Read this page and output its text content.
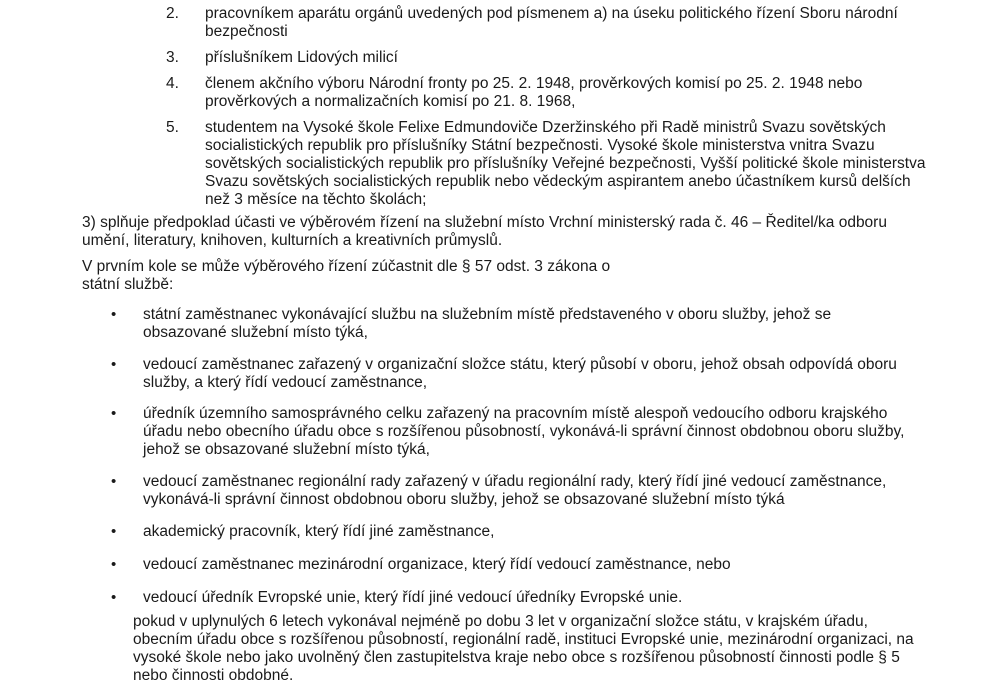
2.	pracovníkem aparátu orgánů uvedených pod písmenem a) na úseku politického řízení Sboru národní bezpečnosti
3.	příslušníkem Lidových milicí
4.	členem akčního výboru Národní fronty po 25. 2. 1948, prověrkových komisí po 25. 2. 1948 nebo prověrkových a normalizačních komisí po 21. 8. 1968,
5.	studentem na Vysoké škole Felixe Edmundoviče Dzeržinského při Radě ministrů Svazu sovětských socialistických republik pro příslušníky Státní bezpečnosti. Vysoké škole ministerstva vnitra Svazu sovětských socialistických republik pro příslušníky Veřejné bezpečnosti, Vyšší politické škole ministerstva Svazu sovětských socialistických republik nebo vědeckým aspirantem anebo účastníkem kursů delších než 3 měsíce na těchto školách;
3) splňuje předpoklad účasti ve výběrovém řízení na služební místo Vrchní ministerský rada č. 46 – Ředitel/ka odboru umění, literatury, knihoven, kulturních a kreativních průmyslů.
V prvním kole se může výběrového řízení zúčastnit dle § 57 odst. 3 zákona o státní službě:
• státní zaměstnanec vykonávající službu na služebním místě představeného v oboru služby, jehož se obsazované služební místo týká,
• vedoucí zaměstnanec zařazený v organizační složce státu, který působí v oboru, jehož obsah odpovídá oboru služby, a který řídí vedoucí zaměstnance,
• úředník územního samosprávného celku zařazený na pracovním místě alespoň vedoucího odboru krajského úřadu nebo obecního úřadu obce s rozšířenou působností, vykonává-li správní činnost obdobnou oboru služby, jehož se obsazované služební místo týká,
• vedoucí zaměstnanec regionální rady zařazený v úřadu regionální rady, který řídí jiné vedoucí zaměstnance, vykonává-li správní činnost obdobnou oboru služby, jehož se obsazované služební místo týká
• akademický pracovník, který řídí jiné zaměstnance,
• vedoucí zaměstnanec mezinárodní organizace, který řídí vedoucí zaměstnance, nebo
• vedoucí úředník Evropské unie, který řídí jiné vedoucí úředníky Evropské unie.
pokud v uplynulých 6 letech vykonával nejméně po dobu 3 let v organizační složce státu, v krajském úřadu, obecním úřadu obce s rozšířenou působností, regionální radě, instituci Evropské unie, mezinárodní organizaci, na vysoké škole nebo jako uvolněný člen zastupitelstva kraje nebo obce s rozšířenou působností činnosti podle § 5 nebo činnosti obdobné.
